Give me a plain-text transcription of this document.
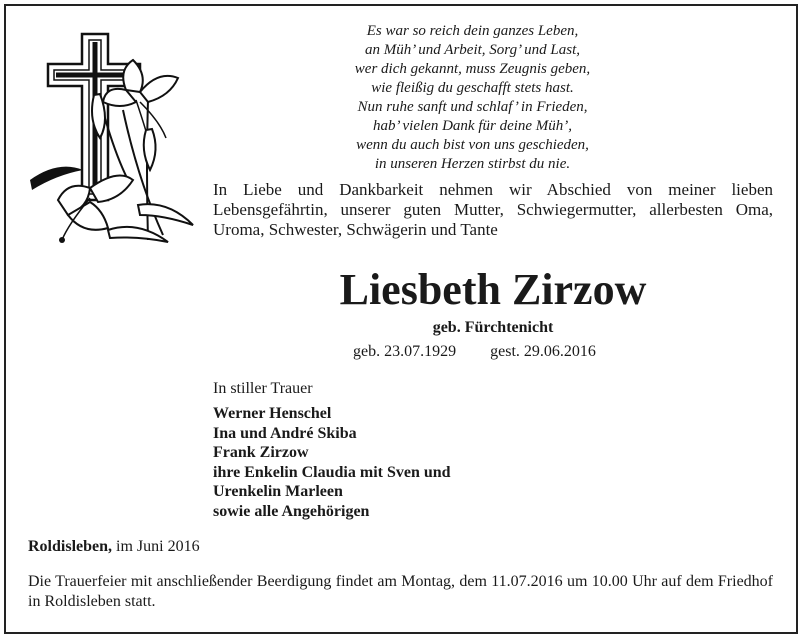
Es war so reich dein ganzes Leben,
an Müh’ und Arbeit, Sorg’ und Last,
wer dich gekannt, muss Zeugnis geben,
wie fleißig du geschafft stets hast.
Nun ruhe sanft und schlaf’ in Frieden,
hab’ vielen Dank für deine Müh’,
wenn du auch bist von uns geschieden,
in unseren Herzen stirbst du nie.
In Liebe und Dankbarkeit nehmen wir Abschied von meiner lieben Lebensgefährtin, unserer guten Mutter, Schwiegermutter, allerbesten Oma, Uroma, Schwester, Schwägerin und Tante
Liesbeth Zirzow
geb. Fürchtenicht
geb. 23.07.1929 gest. 29.06.2016
In stiller Trauer
Werner Henschel
Ina und André Skiba
Frank Zirzow
ihre Enkelin Claudia mit Sven und
Urenkelin Marleen
sowie alle Angehörigen
Roldisleben, im Juni 2016
Die Trauerfeier mit anschließender Beerdigung findet am Montag, dem 11.07.2016 um 10.00 Uhr auf dem Friedhof in Roldisleben statt.
